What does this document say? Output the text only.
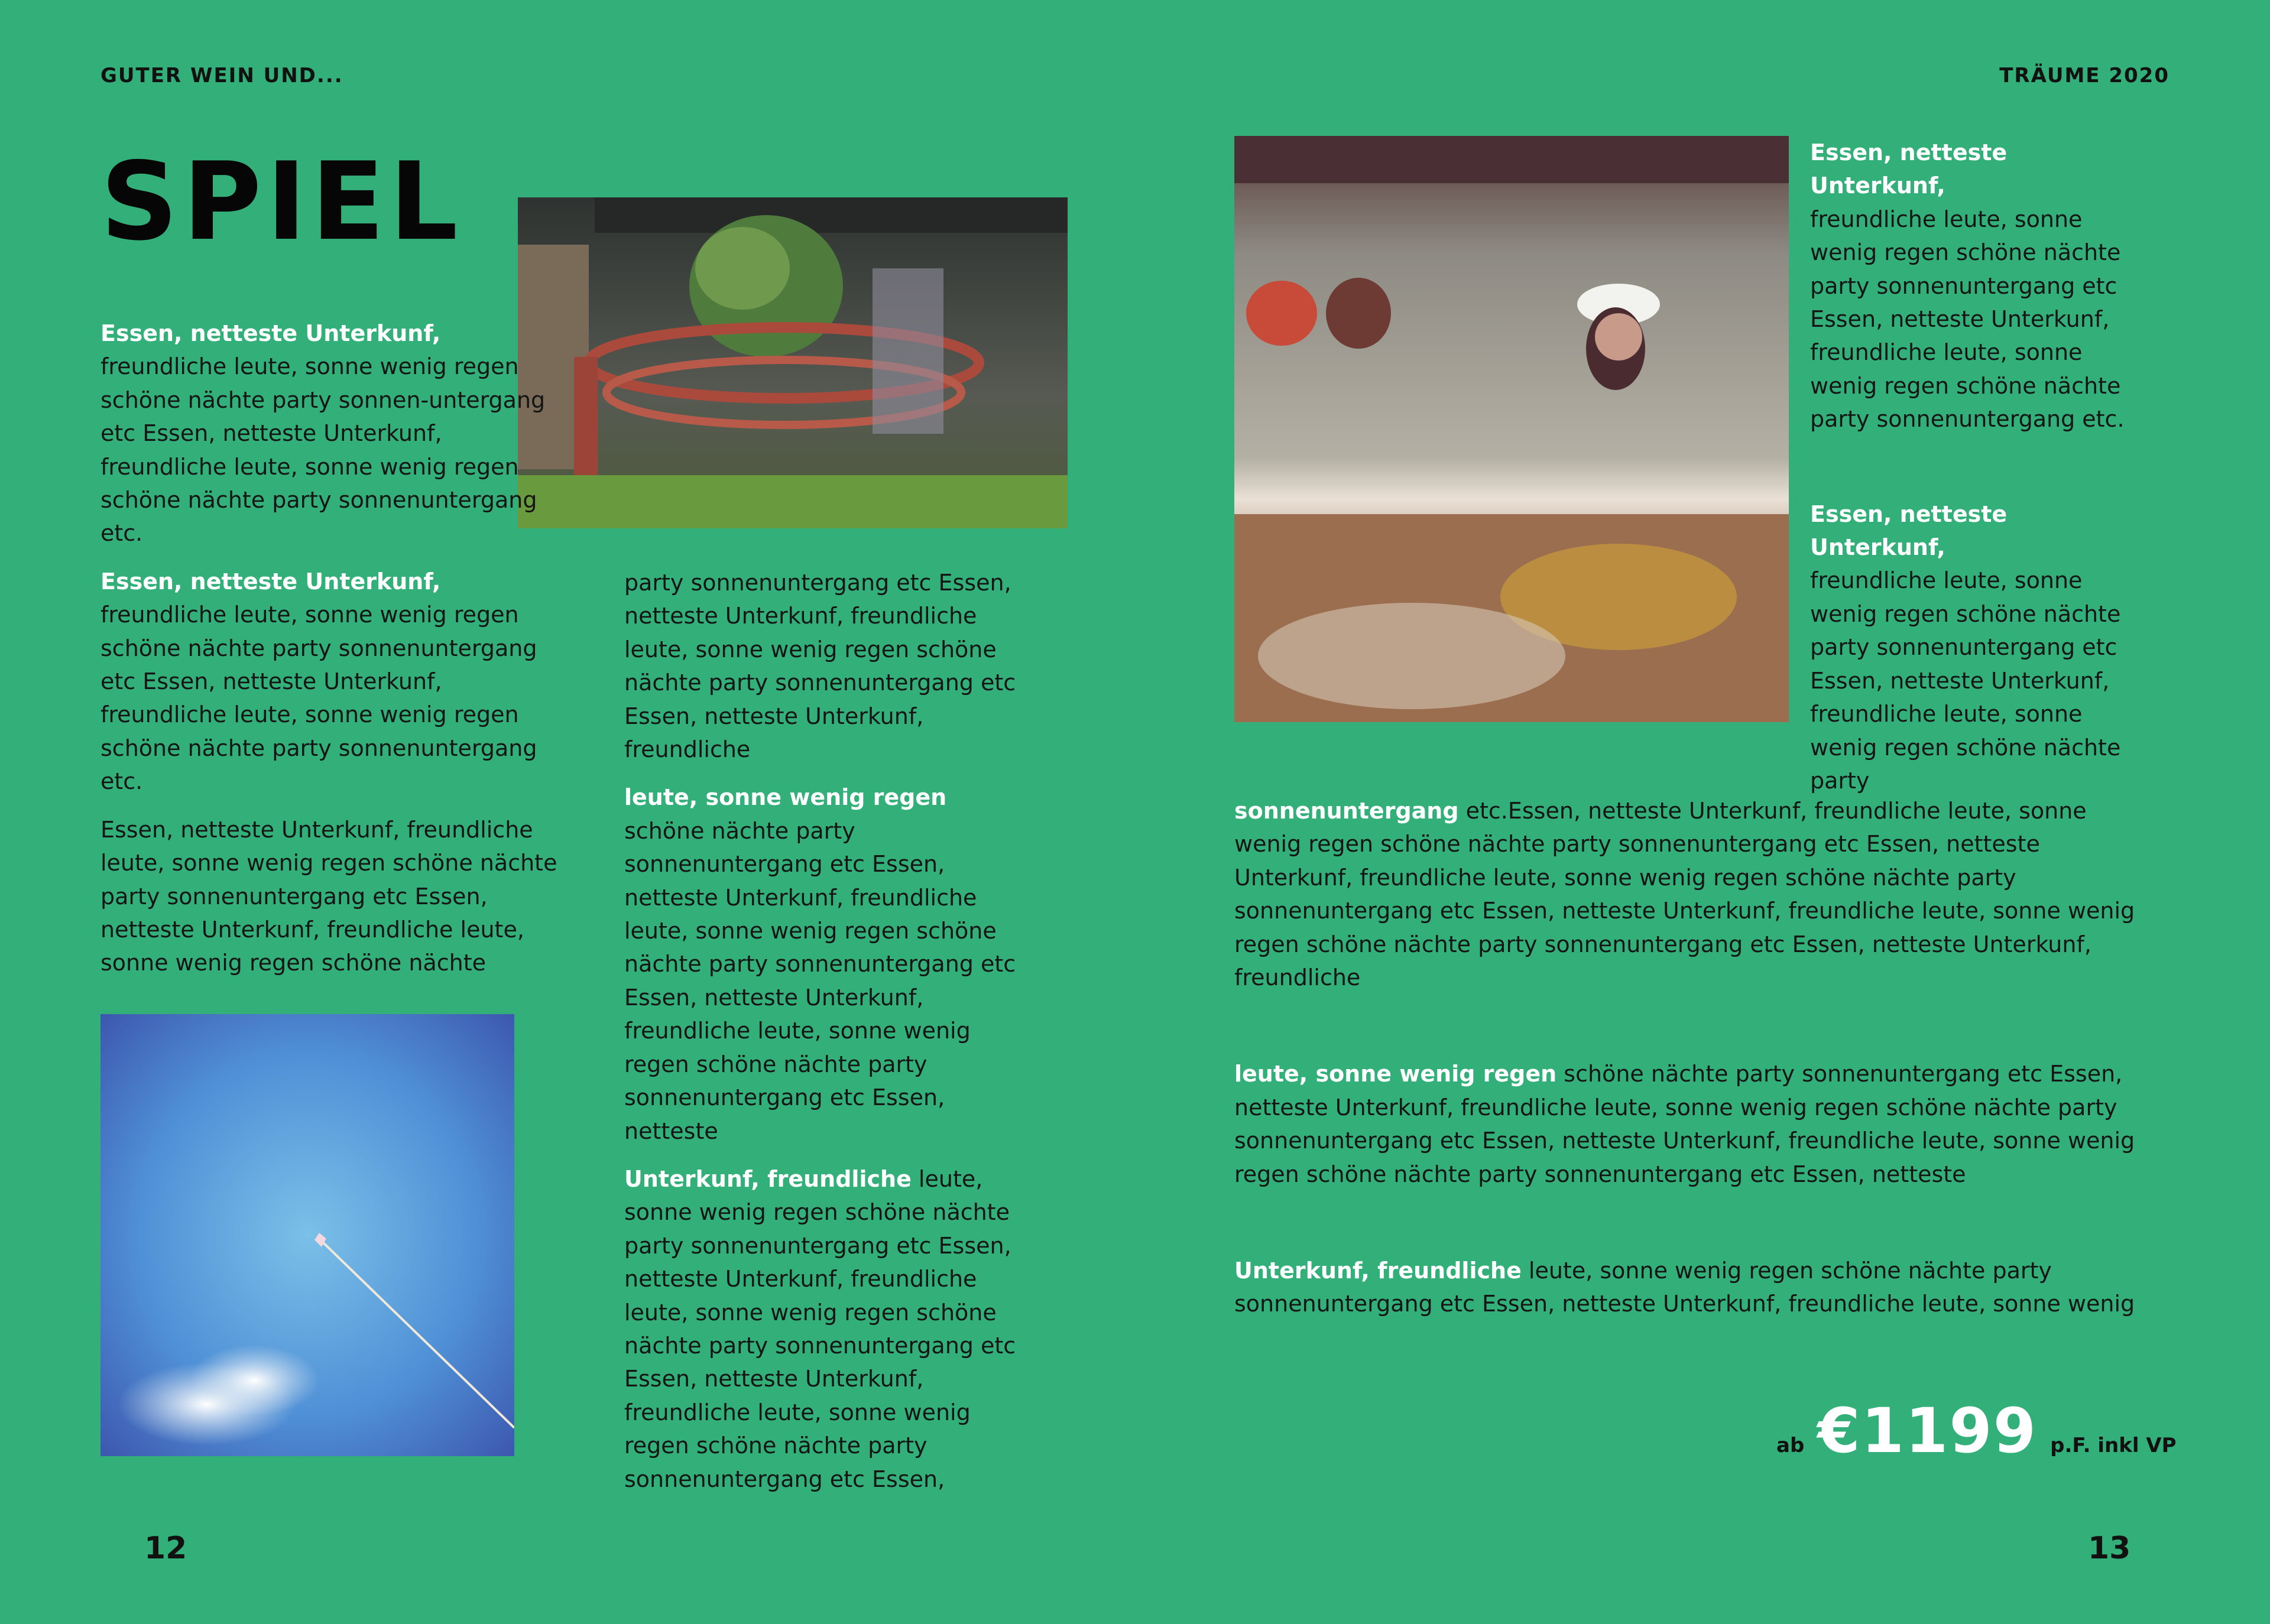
GUTER WEIN UND...	TRÄUME 2020
SPIEL

Essen, netteste Unterkunf,
freundliche leute, sonne wenig regen schöne nächte party sonnen-untergang etc Essen, netteste Unterkunf, freundliche leute, sonne wenig regen schöne nächte party sonnenuntergang etc.

Essen, netteste Unterkunf, freundliche leute, sonne wenig regen schöne nächte party sonnenuntergang etc Essen, netteste Unterkunf, freundliche leute, sonne wenig regen schöne nächte party sonnenuntergang etc.

Essen, netteste Unterkunf, freundliche leute, sonne wenig regen schöne nächte party sonnenuntergang etc Essen, netteste Unterkunf, freundliche leute, sonne wenig regen schöne nächte

party sonnenuntergang etc Essen, netteste Unterkunf, freundliche leute, sonne wenig regen schöne nächte party sonnenuntergang etc Essen, netteste Unterkunf, freundliche

leute, sonne wenig regen schöne nächte party sonnenuntergang etc Essen, netteste Unterkunf, freundliche leute, sonne wenig regen schöne nächte party sonnenuntergang etc Essen, netteste Unterkunf, freundliche leute, sonne wenig regen schöne nächte party sonnenuntergang etc Essen, netteste

Unterkunf, freundliche leute, sonne wenig regen schöne nächte party sonnenuntergang etc Essen, netteste Unterkunf, freundliche leute, sonne wenig regen schöne nächte party sonnenuntergang etc Essen, netteste Unterkunf, freundliche leute, sonne wenig regen schöne nächte party sonnenuntergang etc Essen,

Essen, netteste Unterkunf,
freundliche leute, sonne wenig regen schöne nächte party sonnenuntergang etc Essen, netteste Unterkunf, freundliche leute, sonne wenig regen schöne nächte party sonnenuntergang etc.

Essen, netteste Unterkunf,
freundliche leute, sonne wenig regen schöne nächte party sonnenuntergang etc Essen, netteste Unterkunf, freundliche leute, sonne wenig regen schöne nächte party

sonnenuntergang etc.Essen, netteste Unterkunf, freundliche leute, sonne wenig regen schöne nächte party sonnenuntergang etc Essen, netteste Unterkunf, freundliche leute, sonne wenig regen schöne nächte party sonnenuntergang etc Essen, netteste Unterkunf, freundliche leute, sonne wenig regen schöne nächte party sonnenuntergang etc Essen, netteste Unterkunf, freundliche

leute, sonne wenig regen schöne nächte party sonnenuntergang etc Essen, netteste Unterkunf, freundliche leute, sonne wenig regen schöne nächte party sonnenuntergang etc Essen, netteste Unterkunf, freundliche leute, sonne wenig regen schöne nächte party sonnenuntergang etc Essen, netteste

Unterkunf, freundliche leute, sonne wenig regen schöne nächte party sonnenuntergang etc Essen, netteste Unterkunf, freundliche leute, sonne wenig

ab €1199 p.F. inkl VP
12	13
